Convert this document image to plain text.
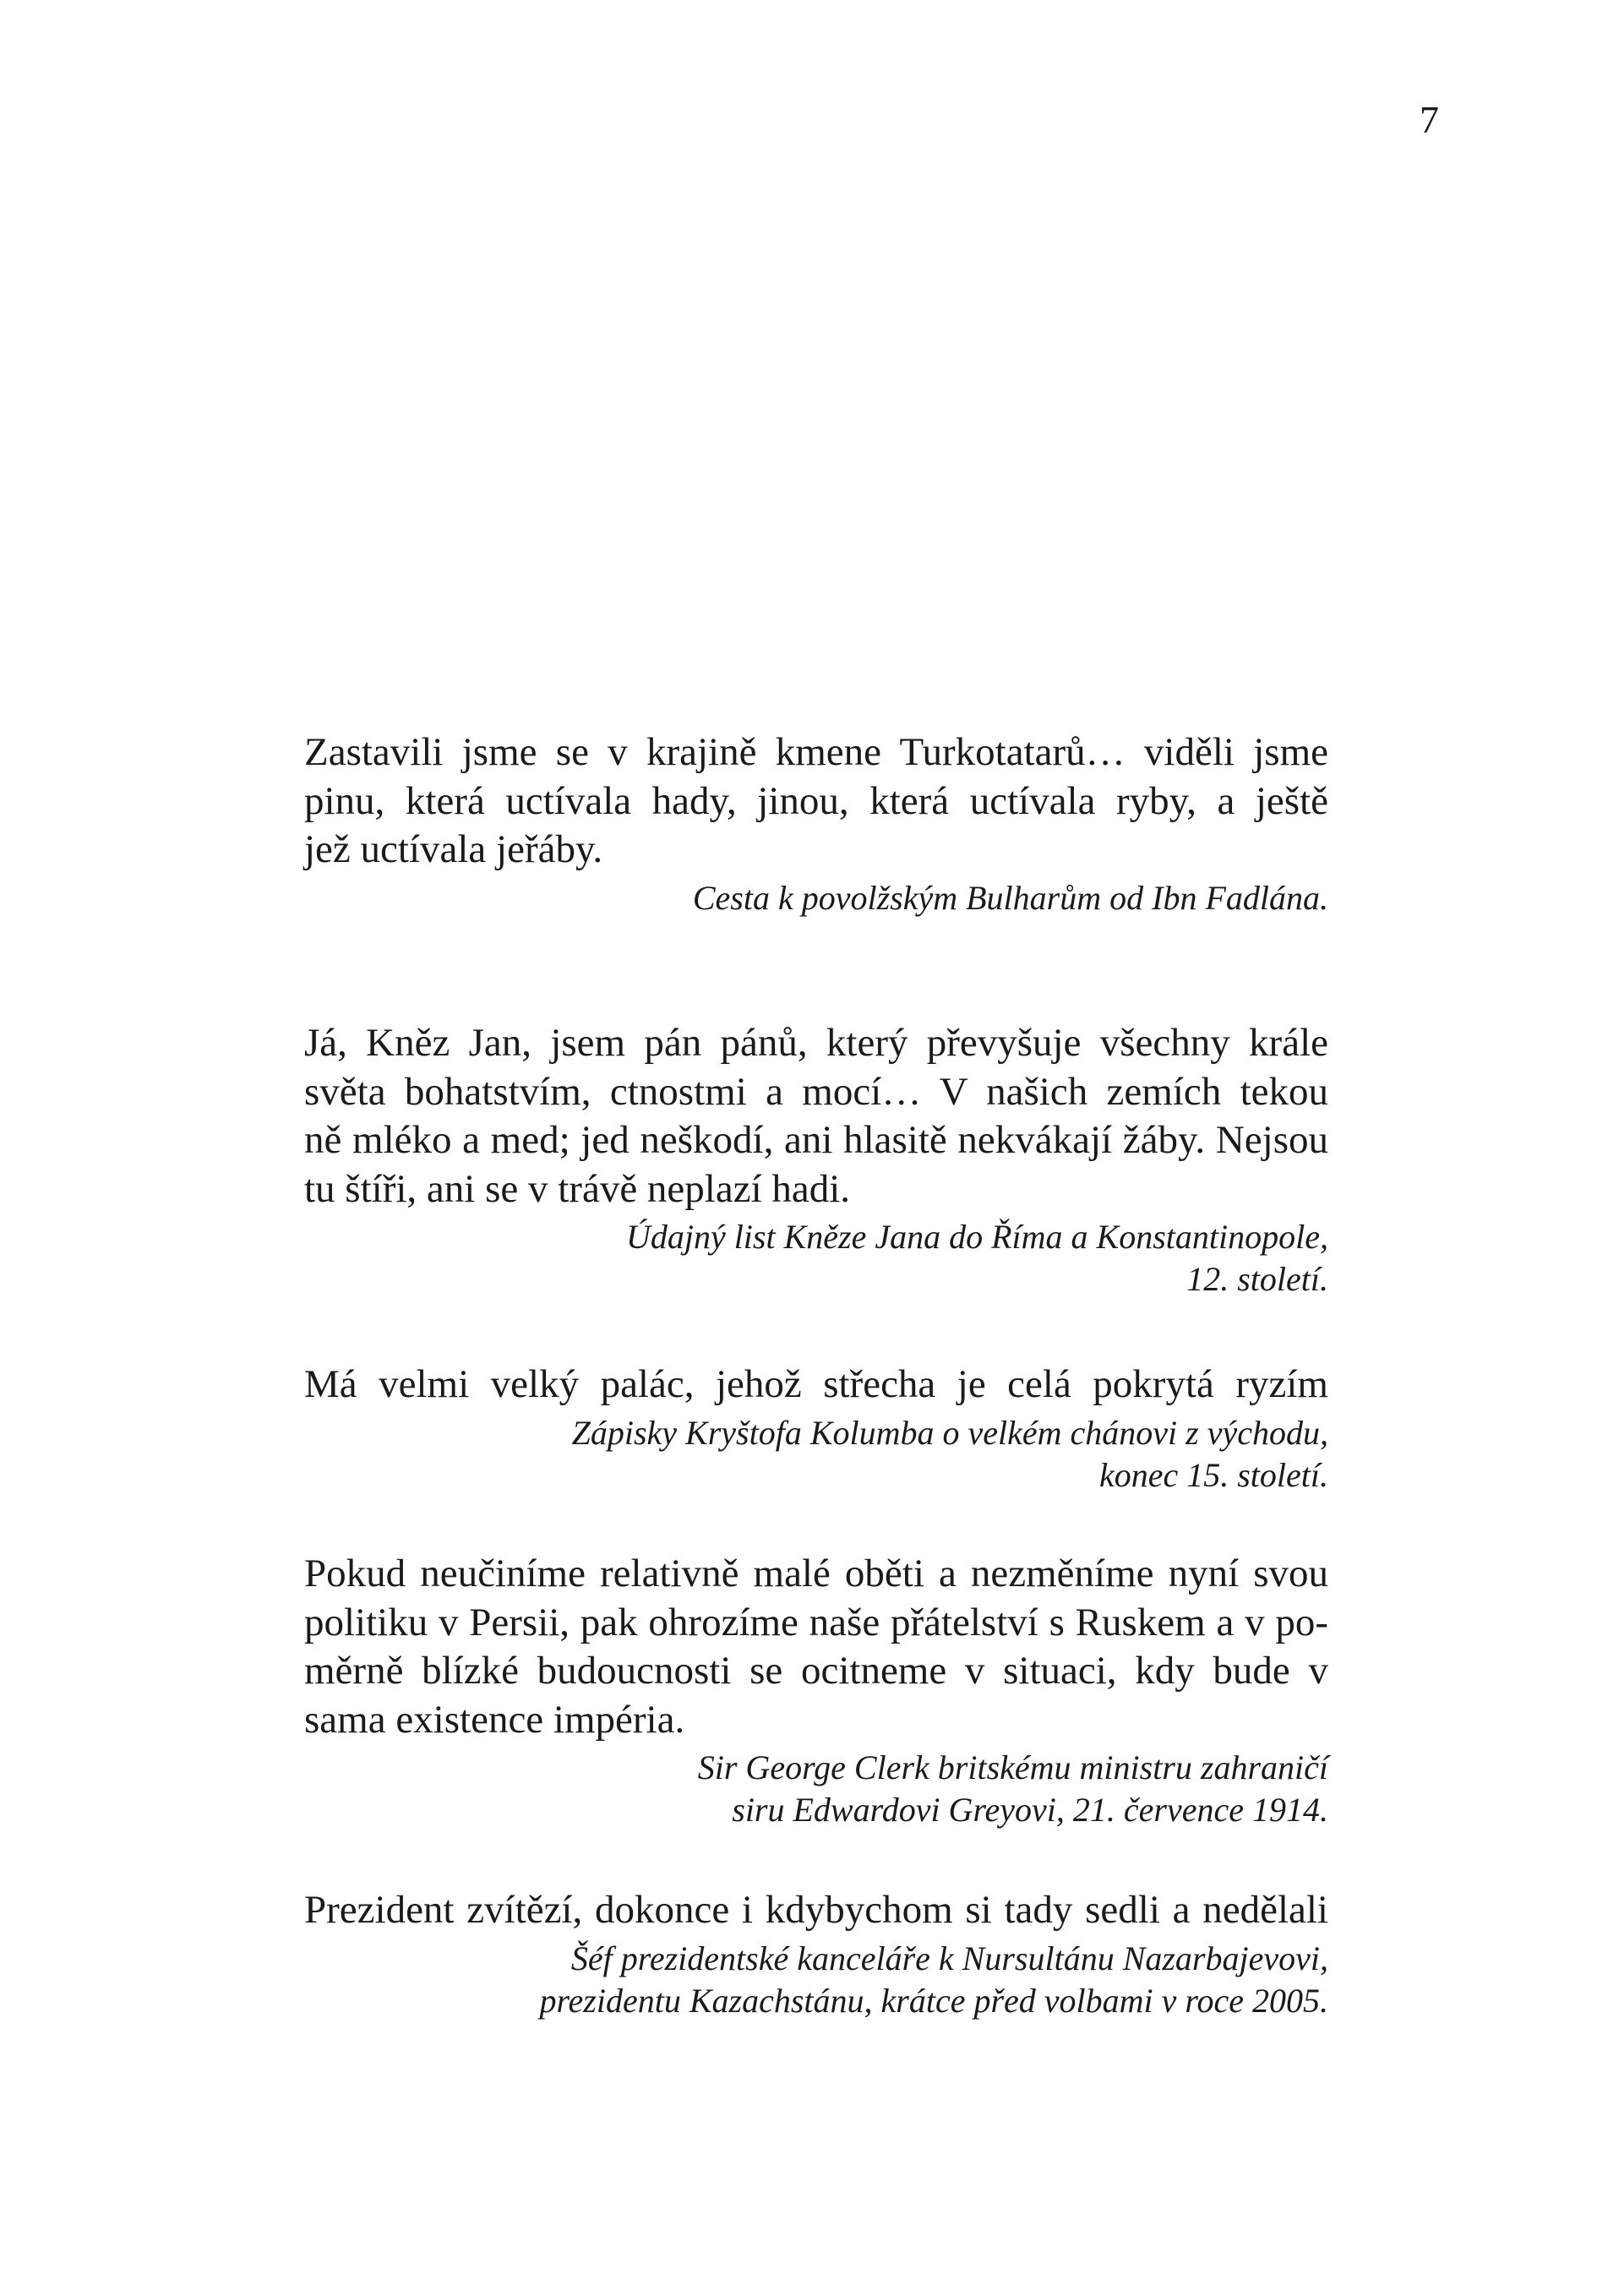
7
Zastavili jsme se v krajině kmene Turkotatarů… viděli jsme
pinu, která uctívala hady, jinou, která uctívala ryby, a ještě
jež uctívala jeřáby.
Cesta k povolžským Bulharům od Ibn Fadlána.
Já, Kněz Jan, jsem pán pánů, který převyšuje všechny krále
světa bohatstvím, ctnostmi a mocí… V našich zemích tekou
ně mléko a med; jed neškodí, ani hlasitě nekvákají žáby. Nejsou
tu štíři, ani se v trávě neplazí hadi.
Údajný list Kněze Jana do Říma a Konstantinopole,
12. století.
Má velmi velký palác, jehož střecha je celá pokrytá ryzím
Zápisky Kryštofa Kolumba o velkém chánovi z východu,
konec 15. století.
Pokud neučiníme relativně malé oběti a nezměníme nyní svou
politiku v Persii, pak ohrozíme naše přátelství s Ruskem a v po-
měrně blízké budoucnosti se ocitneme v situaci, kdy bude v
sama existence impéria.
Sir George Clerk britskému ministru zahraničí
siru Edwardovi Greyovi, 21. července 1914.
Prezident zvítězí, dokonce i kdybychom si tady sedli a nedělali
Šéf prezidentské kanceláře k Nursultánu Nazarbajevovi,
prezidentu Kazachstánu, krátce před volbami v roce 2005.
